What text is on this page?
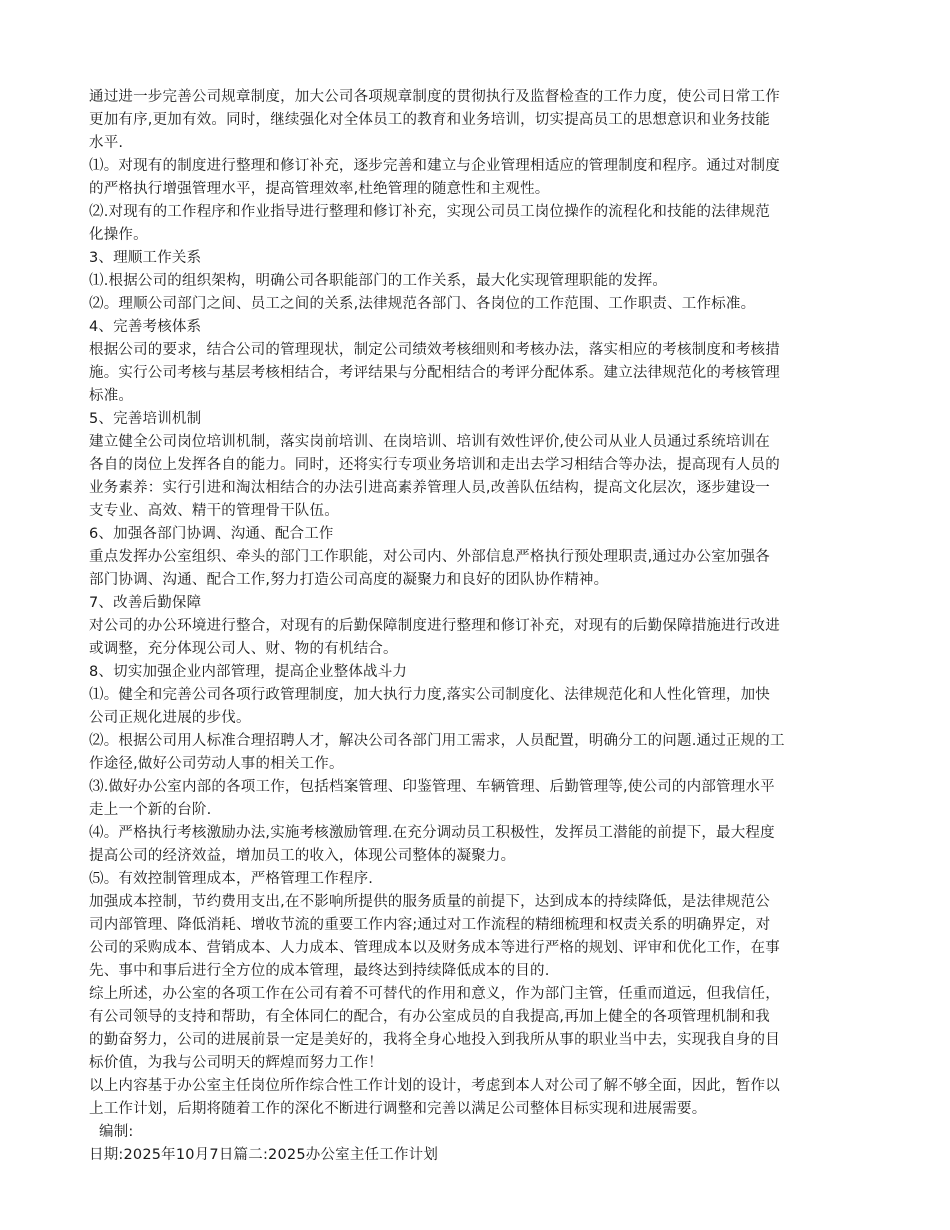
通过进一步完善公司规章制度，加大公司各项规章制度的贯彻执行及监督检查的工作力度，使公司日常工作
更加有序,更加有效。同时，继续强化对全体员工的教育和业务培训，切实提高员工的思想意识和业务技能
水平.
⑴。对现有的制度进行整理和修订补充，逐步完善和建立与企业管理相适应的管理制度和程序。通过对制度
的严格执行增强管理水平，提高管理效率,杜绝管理的随意性和主观性。
⑵.对现有的工作程序和作业指导进行整理和修订补充，实现公司员工岗位操作的流程化和技能的法律规范
化操作。
3、理顺工作关系
⑴.根据公司的组织架构，明确公司各职能部门的工作关系，最大化实现管理职能的发挥。
⑵。理顺公司部门之间、员工之间的关系,法律规范各部门、各岗位的工作范围、工作职责、工作标准。
4、完善考核体系
根据公司的要求，结合公司的管理现状，制定公司绩效考核细则和考核办法，落实相应的考核制度和考核措
施。实行公司考核与基层考核相结合，考评结果与分配相结合的考评分配体系。建立法律规范化的考核管理
标准。
5、完善培训机制
建立健全公司岗位培训机制，落实岗前培训、在岗培训、培训有效性评价,使公司从业人员通过系统培训在
各自的岗位上发挥各自的能力。同时，还将实行专项业务培训和走出去学习相结合等办法，提高现有人员的
业务素养：实行引进和淘汰相结合的办法引进高素养管理人员,改善队伍结构，提高文化层次，逐步建设一
支专业、高效、精干的管理骨干队伍。
6、加强各部门协调、沟通、配合工作
重点发挥办公室组织、牵头的部门工作职能，对公司内、外部信息严格执行预处理职责,通过办公室加强各
部门协调、沟通、配合工作,努力打造公司高度的凝聚力和良好的团队协作精神。
7、改善后勤保障
对公司的办公环境进行整合，对现有的后勤保障制度进行整理和修订补充，对现有的后勤保障措施进行改进
或调整，充分体现公司人、财、物的有机结合。
8、切实加强企业内部管理，提高企业整体战斗力
⑴。健全和完善公司各项行政管理制度，加大执行力度,落实公司制度化、法律规范化和人性化管理，加快
公司正规化进展的步伐。
⑵。根据公司用人标准合理招聘人才，解决公司各部门用工需求，人员配置，明确分工的问题.通过正规的工
作途径,做好公司劳动人事的相关工作。
⑶.做好办公室内部的各项工作，包括档案管理、印鉴管理、车辆管理、后勤管理等,使公司的内部管理水平
走上一个新的台阶.
⑷。严格执行考核激励办法,实施考核激励管理.在充分调动员工积极性，发挥员工潜能的前提下，最大程度
提高公司的经济效益，增加员工的收入，体现公司整体的凝聚力。
⑸。有效控制管理成本，严格管理工作程序.
加强成本控制，节约费用支出,在不影响所提供的服务质量的前提下，达到成本的持续降低，是法律规范公
司内部管理、降低消耗、增收节流的重要工作内容;通过对工作流程的精细梳理和权责关系的明确界定，对
公司的采购成本、营销成本、人力成本、管理成本以及财务成本等进行严格的规划、评审和优化工作，在事
先、事中和事后进行全方位的成本管理，最终达到持续降低成本的目的.
综上所述，办公室的各项工作在公司有着不可替代的作用和意义，作为部门主管，任重而道远，但我信任，
有公司领导的支持和帮助，有全体同仁的配合，有办公室成员的自我提高,再加上健全的各项管理机制和我
的勤奋努力，公司的进展前景一定是美好的，我将全身心地投入到我所从事的职业当中去，实现我自身的目
标价值，为我与公司明天的辉煌而努力工作！
以上内容基于办公室主任岗位所作综合性工作计划的设计，考虑到本人对公司了解不够全面，因此，暂作以
上工作计划，后期将随着工作的深化不断进行调整和完善以满足公司整体目标实现和进展需要。
编制:
日期:2025年10月7日篇二:2025办公室主任工作计划
